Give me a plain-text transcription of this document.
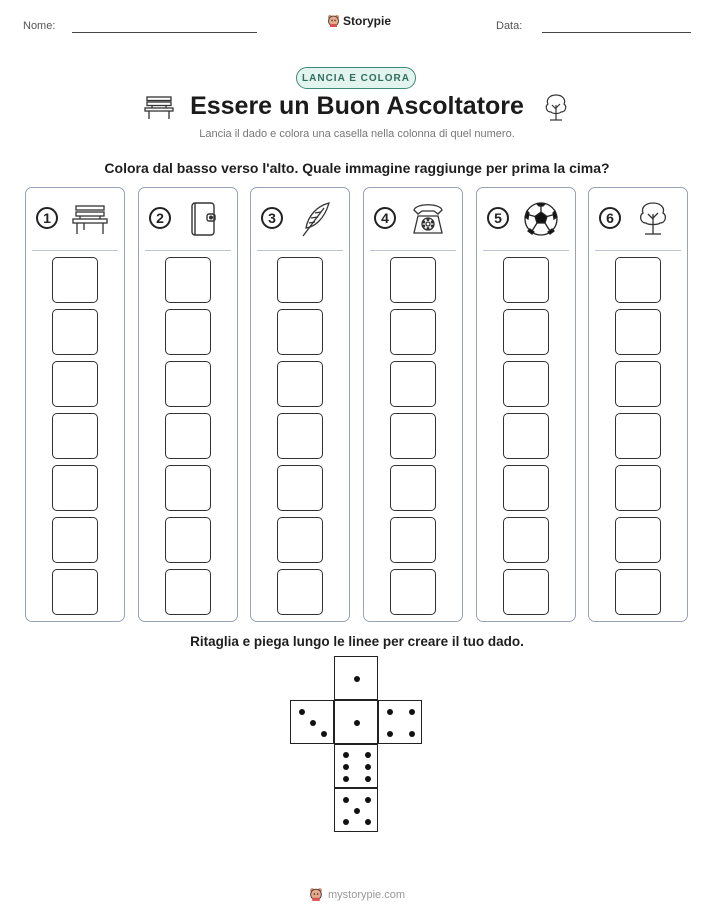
Nome:	Storypie	Data:
LANCIA E COLORA
Essere un Buon Ascoltatore
Lancia il dado e colora una casella nella colonna di quel numero.
Colora dal basso verso l'alto. Quale immagine raggiunge per prima la cima?
1	2	3	4	5	6
Ritaglia e piega lungo le linee per creare il tuo dado.
mystorypie.com
